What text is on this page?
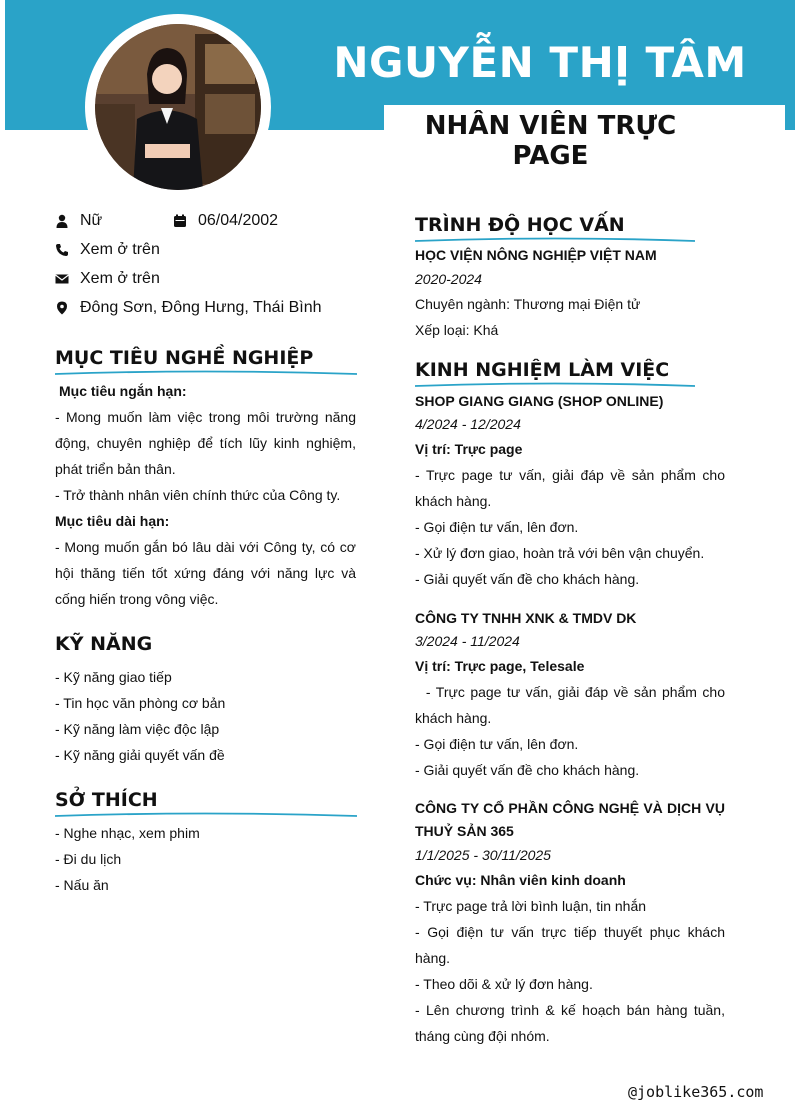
NGUYỄN THỊ TÂM
NHÂN VIÊN TRỰC PAGE
Nữ	06/04/2002
Xem ở trên
Xem ở trên
Đông Sơn, Đông Hưng, Thái Bình
MỤC TIÊU NGHỀ NGHIỆP
Mục tiêu ngắn hạn:
- Mong muốn làm việc trong môi trường năng
động, chuyên nghiệp để tích lũy kinh nghiệm,
phát triển bản thân.
- Trở thành nhân viên chính thức của Công ty.
Mục tiêu dài hạn:
- Mong muốn gắn bó lâu dài với Công ty, có cơ
hội thăng tiến tốt xứng đáng với năng lực và
cống hiến trong vông việc.
KỸ NĂNG
- Kỹ năng giao tiếp
- Tin học văn phòng cơ bản
- Kỹ năng làm việc độc lập
- Kỹ năng giải quyết vấn đề
SỞ THÍCH
- Nghe nhạc, xem phim
- Đi du lịch
- Nấu ăn
TRÌNH ĐỘ HỌC VẤN
HỌC VIỆN NÔNG NGHIỆP VIỆT NAM
2020-2024
Chuyên ngành: Thương mại Điện tử
Xếp loại: Khá
KINH NGHIỆM LÀM VIỆC
SHOP GIANG GIANG (SHOP ONLINE)
4/2024 - 12/2024
Vị trí: Trực page
- Trực page tư vấn, giải đáp về sản phẩm cho
khách hàng.
- Gọi điện tư vấn, lên đơn.
- Xử lý đơn giao, hoàn trả với bên vận chuyển.
- Giải quyết vấn đề cho khách hàng.
CÔNG TY TNHH XNK & TMDV DK
3/2024 - 11/2024
Vị trí: Trực page, Telesale
- Trực page tư vấn, giải đáp về sản phẩm cho
khách hàng.
- Gọi điện tư vấn, lên đơn.
- Giải quyết vấn đề cho khách hàng.
CÔNG TY CỔ PHẦN CÔNG NGHỆ VÀ DỊCH VỤ
THUỶ SẢN 365
1/1/2025 - 30/11/2025
Chức vụ: Nhân viên kinh doanh
- Trực page trả lời bình luận, tin nhắn
- Gọi điện tư vấn trực tiếp thuyết phục khách
hàng.
- Theo dõi & xử lý đơn hàng.
- Lên chương trình & kế hoạch bán hàng tuần,
tháng cùng đội nhóm.
@joblike365.com
